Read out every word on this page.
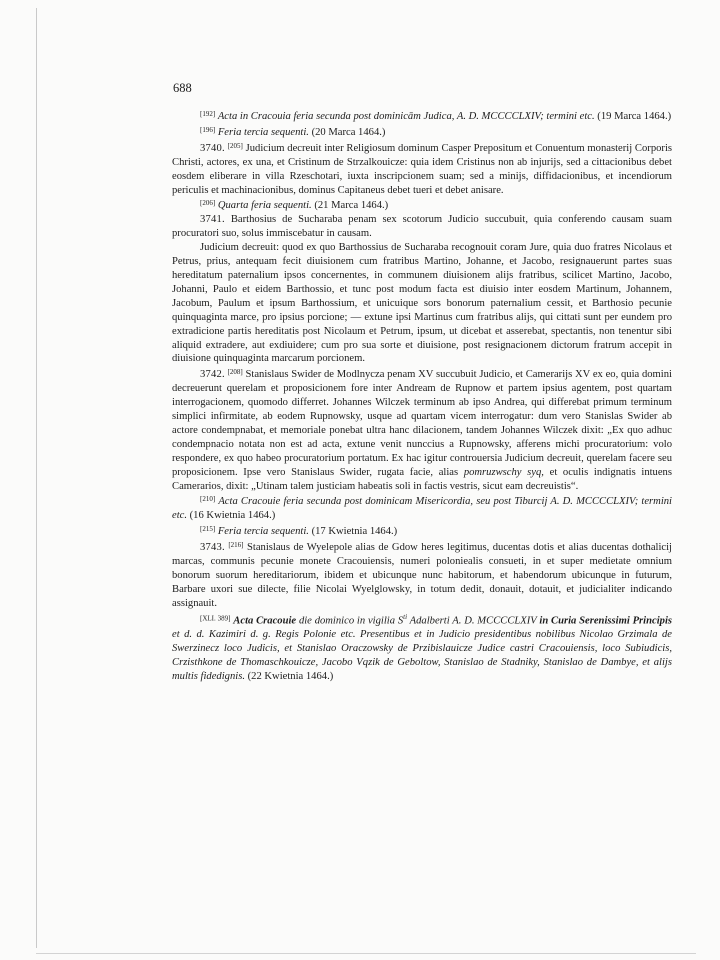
688

[192] Acta in Cracouia feria secunda post dominicām Judica, A. D. MCCCCLXIV; termini etc. (19 Marca 1464.)

[196] Feria tercia sequenti. (20 Marca 1464.)

3740. [205] Judicium decreuit inter Religiosum dominum Casper Prepositum et Conuentum monasterij Corporis Christi, actores, ex una, et Cristinum de Strzalkouicze: quia idem Cristinus non ab injurijs, sed a cittacionibus debet eosdem eliberare in villa Rzeschotari, iuxta inscripcionem suam; sed a minijs, diffidacionibus, et incendiorum periculis et machinacionibus, dominus Capitaneus debet tueri et debet anisare.

[206] Quarta feria sequenti. (21 Marca 1464.)

3741. Barthosius de Sucharaba penam sex scotorum Judicio succubuit, quia conferendo causam suam procuratori suo, solus immiscebatur in causam.

Judicium decreuit: quod ex quo Barthossius de Sucharaba recognouit coram Jure, quia duo fratres Nicolaus et Petrus, prius, antequam fecit diuisionem cum fratribus Martino, Johanne, et Jacobo, resignauerunt partes suas hereditatum paternalium ipsos concernentes, in communem diuisionem alijs fratribus, scilicet Martino, Jacobo, Johanni, Paulo et eidem Barthossio, et tunc post modum facta est diuisio inter eosdem Martinum, Johannem, Jacobum, Paulum et ipsum Barthossium, et unicuique sors bonorum paternalium cessit, et Barthosio pecunie quinquaginta marce, pro ipsius porcione; — extune ipsi Martinus cum fratribus alijs, qui cittati sunt per eundem pro extradicione partis hereditatis post Nicolaum et Petrum, ipsum, ut dicebat et asserebat, spectantis, non tenentur sibi aliquid extradere, aut exdiuidere; cum pro sua sorte et diuisione, post resignacionem dictorum fratrum accepit in diuisione quinquaginta marcarum porcionem.

3742. [208] Stanislaus Swider de Modlnycza penam XV succubuit Judicio, et Camerarijs XV ex eo, quia domini decreuerunt querelam et proposicionem fore inter Andream de Rupnow et partem ipsius agentem, post quartam interrogacionem, quomodo differret. Johannes Wilczek terminum ab ipso Andrea, qui differebat primum terminum simplici infirmitate, ab eodem Rupnowsky, usque ad quartam vicem interrogatur: dum vero Stanislas Swider ab actore condempnabat, et memoriale ponebat ultra hanc dilacionem, tandem Johannes Wilczek dixit: „Ex quo adhuc condempnacio notata non est ad acta, extune venit nunccius a Rupnowsky, afferens michi procuratorium: volo respondere, ex quo habeo procuratorium portatum. Ex hac igitur controuersia Judicium decreuit, querelam facere seu proposicionem. Ipse vero Stanislaus Swider, rugata facie, alias pomruzwschy syq, et oculis indignatis intuens Camerarios, dixit: „Utinam talem justiciam habeatis soli in factis vestris, sicut eam decreuistis“.

[210] Acta Cracouie feria secunda post dominicam Misericordia, seu post Tiburcij A. D. MCCCCLXIV; termini etc. (16 Kwietnia 1464.)

[215] Feria tercia sequenti. (17 Kwietnia 1464.)

3743. [216] Stanislaus de Wyelepole alias de Gdow heres legitimus, ducentas dotis et alias ducentas dothalicij marcas, communis pecunie monete Cracouiensis, numeri poloniealis consueti, in et super medietate omnium bonorum suorum hereditariorum, ibidem et ubicunque nunc habitorum, et habendorum ubicunque in futurum, Barbare uxori sue dilecte, filie Nicolai Wyelglowsky, in totum dedit, donauit, dotauit, et judicialiter indicando assignauit.

[XLI. 389] Acta Cracouie die dominico in vigilia $S^{ti}$ Adalberti A. D. MCCCCLXIV in Curia Serenissimi Principis et d. d. Kazimiri d. g. Regis Polonie etc. Presentibus et in Judicio presidentibus nobilibus Nicolao Grzimala de Swerzinecz loco Judicis, et Stanislao Oraczowsky de Przibislauicze Judice castri Cracouiensis, loco Subiudicis, Crzisthkone de Thomaschkouicze, Jacobo Vqzik de Geboltow, Stanislao de Stadniky, Stanislao de Dambye, et alijs multis fidedignis. (22 Kwietnia 1464.)
